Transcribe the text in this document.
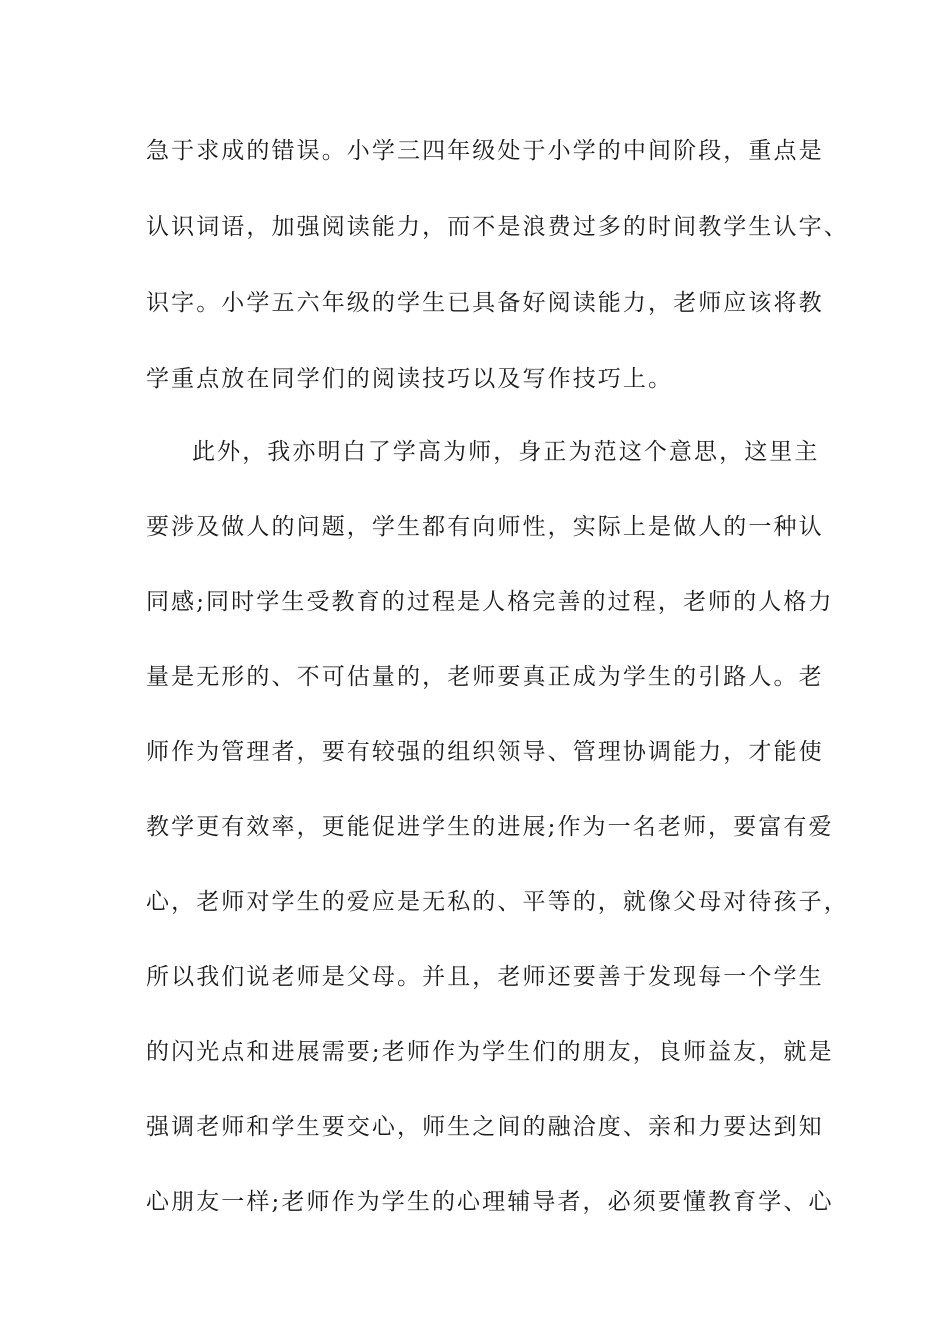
急于求成的错误。小学三四年级处于小学的中间阶段，重点是
认识词语，加强阅读能力，而不是浪费过多的时间教学生认字、
识字。小学五六年级的学生已具备好阅读能力，老师应该将教
学重点放在同学们的阅读技巧以及写作技巧上。
此外，我亦明白了学高为师，身正为范这个意思，这里主
要涉及做人的问题，学生都有向师性，实际上是做人的一种认
同感;同时学生受教育的过程是人格完善的过程，老师的人格力
量是无形的、不可估量的，老师要真正成为学生的引路人。老
师作为管理者，要有较强的组织领导、管理协调能力，才能使
教学更有效率，更能促进学生的进展;作为一名老师，要富有爱
心，老师对学生的爱应是无私的、平等的，就像父母对待孩子，
所以我们说老师是父母。并且，老师还要善于发现每一个学生
的闪光点和进展需要;老师作为学生们的朋友，良师益友，就是
强调老师和学生要交心，师生之间的融洽度、亲和力要达到知
心朋友一样;老师作为学生的心理辅导者，必须要懂教育学、心
